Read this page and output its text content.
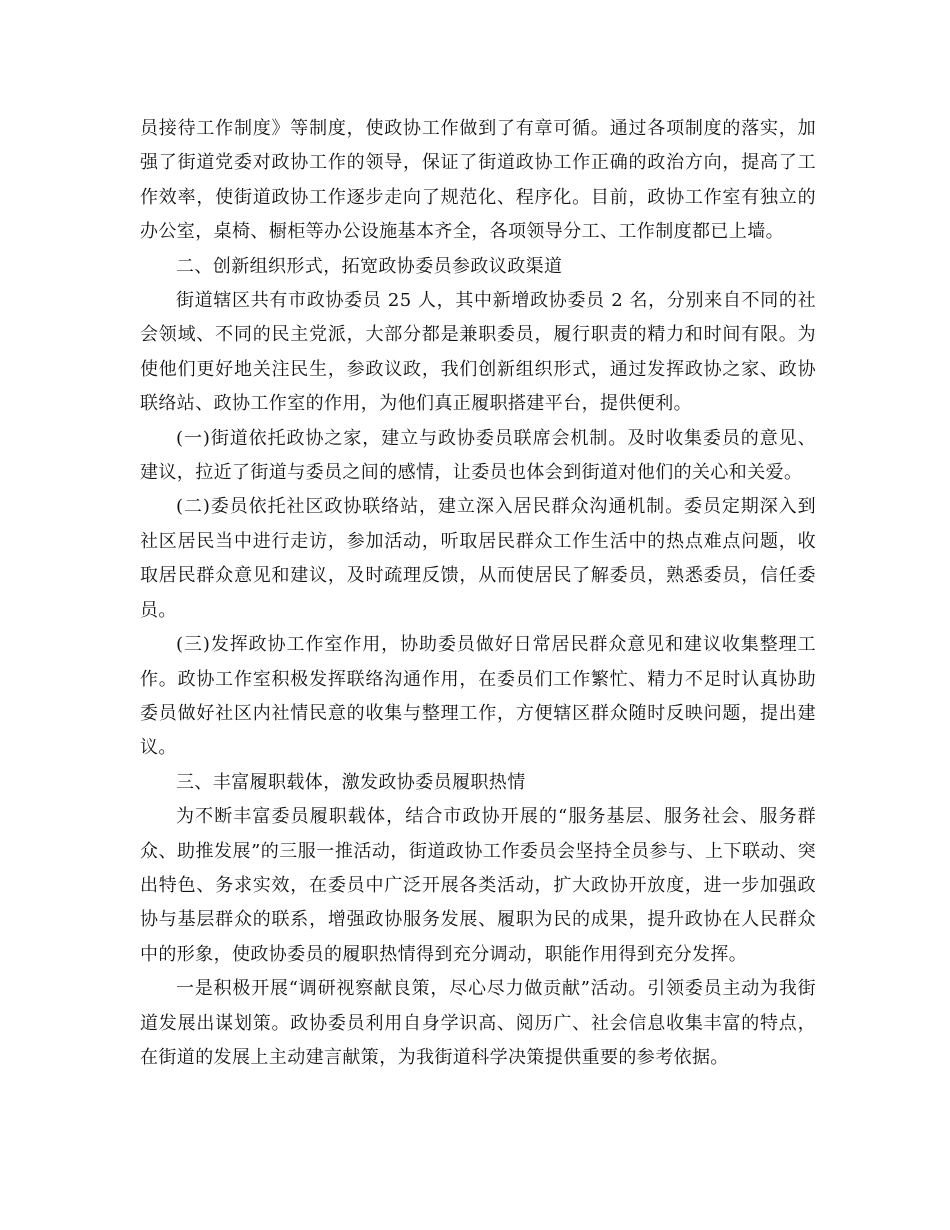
员接待工作制度》等制度，使政协工作做到了有章可循。通过各项制度的落实，加强了街道党委对政协工作的领导，保证了街道政协工作正确的政治方向，提高了工作效率，使街道政协工作逐步走向了规范化、程序化。目前，政协工作室有独立的办公室，桌椅、橱柜等办公设施基本齐全，各项领导分工、工作制度都已上墙。

二、创新组织形式，拓宽政协委员参政议政渠道

街道辖区共有市政协委员 25 人，其中新增政协委员 2 名，分别来自不同的社会领域、不同的民主党派，大部分都是兼职委员，履行职责的精力和时间有限。为使他们更好地关注民生，参政议政，我们创新组织形式，通过发挥政协之家、政协联络站、政协工作室的作用，为他们真正履职搭建平台，提供便利。

(一)街道依托政协之家，建立与政协委员联席会机制。及时收集委员的意见、建议，拉近了街道与委员之间的感情，让委员也体会到街道对他们的关心和关爱。

(二)委员依托社区政协联络站，建立深入居民群众沟通机制。委员定期深入到社区居民当中进行走访，参加活动，听取居民群众工作生活中的热点难点问题，收取居民群众意见和建议，及时疏理反馈，从而使居民了解委员，熟悉委员，信任委员。

(三)发挥政协工作室作用，协助委员做好日常居民群众意见和建议收集整理工作。政协工作室积极发挥联络沟通作用，在委员们工作繁忙、精力不足时认真协助委员做好社区内社情民意的收集与整理工作，方便辖区群众随时反映问题，提出建议。

三、丰富履职载体，激发政协委员履职热情

为不断丰富委员履职载体，结合市政协开展的“服务基层、服务社会、服务群众、助推发展”的三服一推活动，街道政协工作委员会坚持全员参与、上下联动、突出特色、务求实效，在委员中广泛开展各类活动，扩大政协开放度，进一步加强政协与基层群众的联系，增强政协服务发展、履职为民的成果，提升政协在人民群众中的形象，使政协委员的履职热情得到充分调动，职能作用得到充分发挥。

一是积极开展“调研视察献良策，尽心尽力做贡献”活动。引领委员主动为我街道发展出谋划策。政协委员利用自身学识高、阅历广、社会信息收集丰富的特点，在街道的发展上主动建言献策，为我街道科学决策提供重要的参考依据。
